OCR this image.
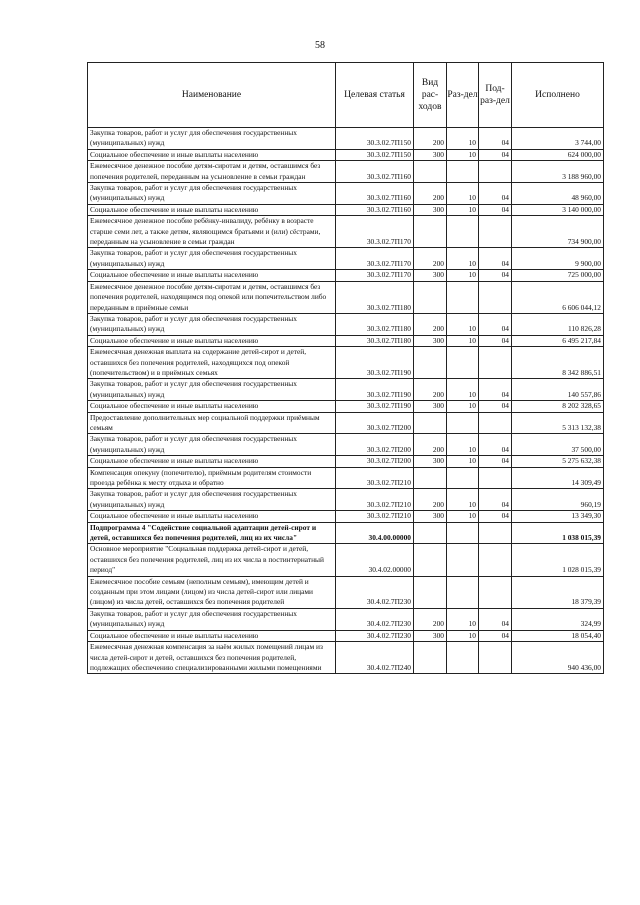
58
Наименование	Целевая статья	Вид рас-ходов	Раз-дел	Под-раз-дел	Исполнено
Закупка товаров, работ и услуг для обеспечения государственных (муниципальных) нужд	30.3.02.7П150	200	10	04	3 744,00
Социальное обеспечение и иные выплаты населению	30.3.02.7П150	300	10	04	624 000,00
Ежемесячное денежное пособие детям-сиротам и детям, оставшимся без попечения родителей, переданным на усыновление в семьи граждан	30.3.02.7П160				3 188 960,00
Закупка товаров, работ и услуг для обеспечения государственных (муниципальных) нужд	30.3.02.7П160	200	10	04	48 960,00
Социальное обеспечение и иные выплаты населению	30.3.02.7П160	300	10	04	3 140 000,00
Ежемесячное денежное пособие ребёнку-инвалиду, ребёнку в возрасте старше семи лет, а также детям, являющимся братьями и (или) сёстрами, переданным на усыновление в семьи граждан	30.3.02.7П170				734 900,00
Закупка товаров, работ и услуг для обеспечения государственных (муниципальных) нужд	30.3.02.7П170	200	10	04	9 900,00
Социальное обеспечение и иные выплаты населению	30.3.02.7П170	300	10	04	725 000,00
Ежемесячное денежное пособие детям-сиротам и детям, оставшимся без попечения родителей, находящимся под опекой или попечительством либо переданным в приёмные семьи	30.3.02.7П180				6 606 044,12
Закупка товаров, работ и услуг для обеспечения государственных (муниципальных) нужд	30.3.02.7П180	200	10	04	110 826,28
Социальное обеспечение и иные выплаты населению	30.3.02.7П180	300	10	04	6 495 217,84
Ежемесячная денежная выплата на содержание детей-сирот и детей, оставшихся без попечения родителей, находящихся под опекой (попечительством) и в приёмных семьях	30.3.02.7П190				8 342 886,51
Закупка товаров, работ и услуг для обеспечения государственных (муниципальных) нужд	30.3.02.7П190	200	10	04	140 557,86
Социальное обеспечение и иные выплаты населению	30.3.02.7П190	300	10	04	8 202 328,65
Предоставление дополнительных мер социальной поддержки приёмным семьям	30.3.02.7П200				5 313 132,38
Закупка товаров, работ и услуг для обеспечения государственных (муниципальных) нужд	30.3.02.7П200	200	10	04	37 500,00
Социальное обеспечение и иные выплаты населению	30.3.02.7П200	300	10	04	5 275 632,38
Компенсация опекуну (попечителю), приёмным родителям стоимости проезда ребёнка к месту отдыха и обратно	30.3.02.7П210				14 309,49
Закупка товаров, работ и услуг для обеспечения государственных (муниципальных) нужд	30.3.02.7П210	200	10	04	960,19
Социальное обеспечение и иные выплаты населению	30.3.02.7П210	300	10	04	13 349,30
Подпрограмма 4 "Содействие социальной адаптации детей-сирот и детей, оставшихся без попечения родителей, лиц из их числа"	30.4.00.00000				1 038 015,39
Основное мероприятие "Социальная поддержка детей-сирот и детей, оставшихся без попечения родителей, лиц из их числа в постинтернатный период"	30.4.02.00000				1 028 015,39
Ежемесячное пособие семьям (неполным семьям), имеющим детей и созданным при этом лицами (лицом) из числа детей-сирот или лицами (лицом) из числа детей, оставшихся без попечения родителей	30.4.02.7П230				18 379,39
Закупка товаров, работ и услуг для обеспечения государственных (муниципальных) нужд	30.4.02.7П230	200	10	04	324,99
Социальное обеспечение и иные выплаты населению	30.4.02.7П230	300	10	04	18 054,40
Ежемесячная денежная компенсация за наём жилых помещений лицам из числа детей-сирот и детей, оставшихся без попечения родителей, подлежащих обеспечению специализированными жилыми помещениями	30.4.02.7П240				940 436,00
